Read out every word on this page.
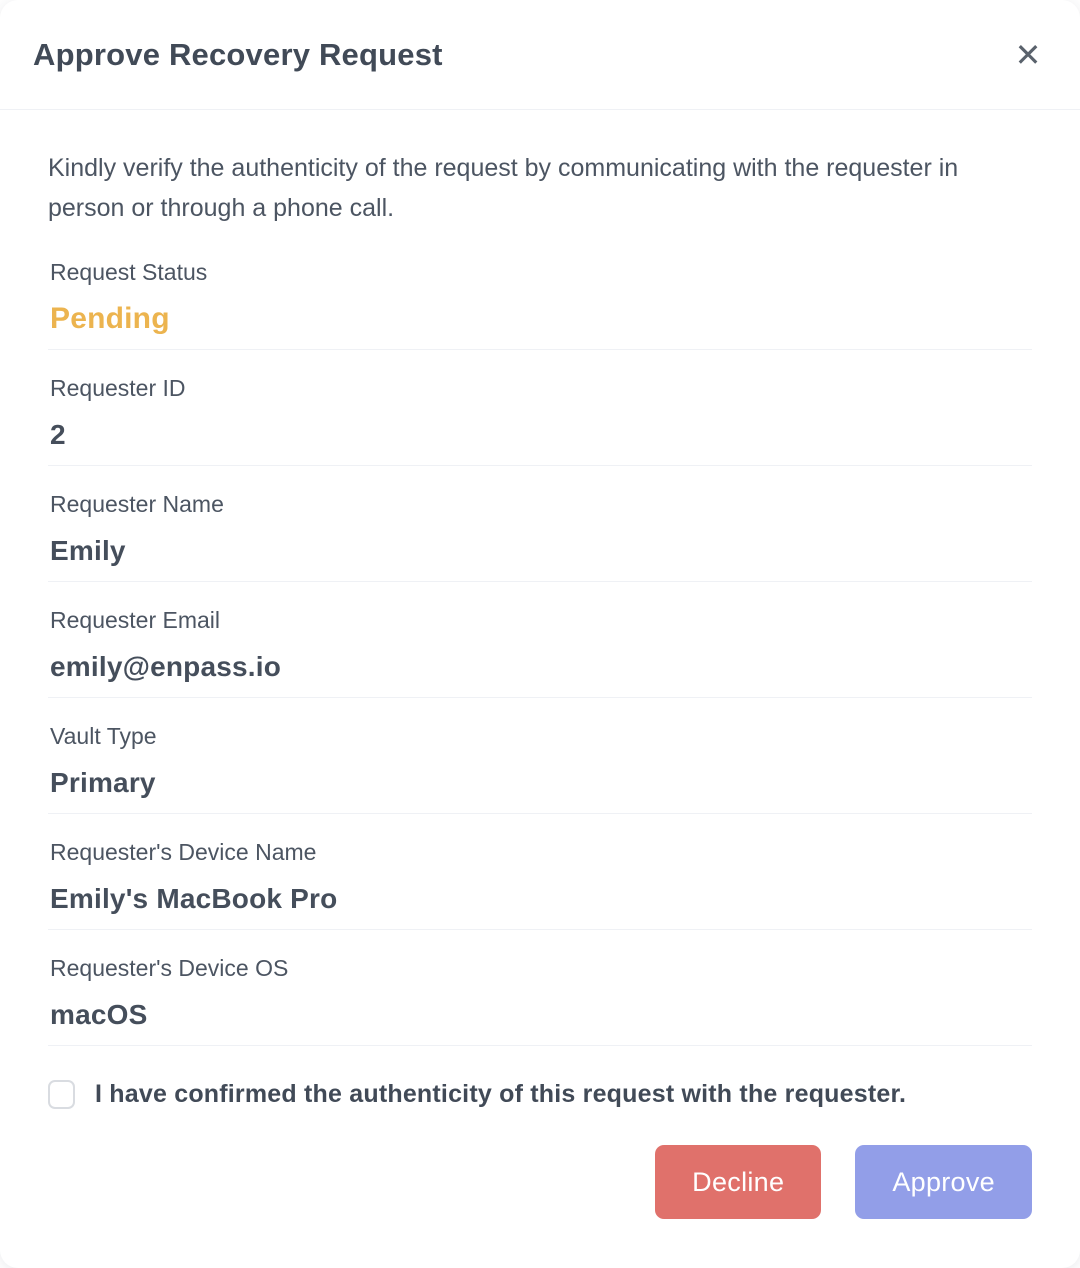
Approve Recovery Request	✕

Kindly verify the authenticity of the request by communicating with the requester in person or through a phone call.

Request Status
Pending
Requester ID
2
Requester Name
Emily
Requester Email
emily@enpass.io
Vault Type
Primary
Requester's Device Name
Emily's MacBook Pro
Requester's Device OS
macOS
I have confirmed the authenticity of this request with the requester.
Decline	Approve
